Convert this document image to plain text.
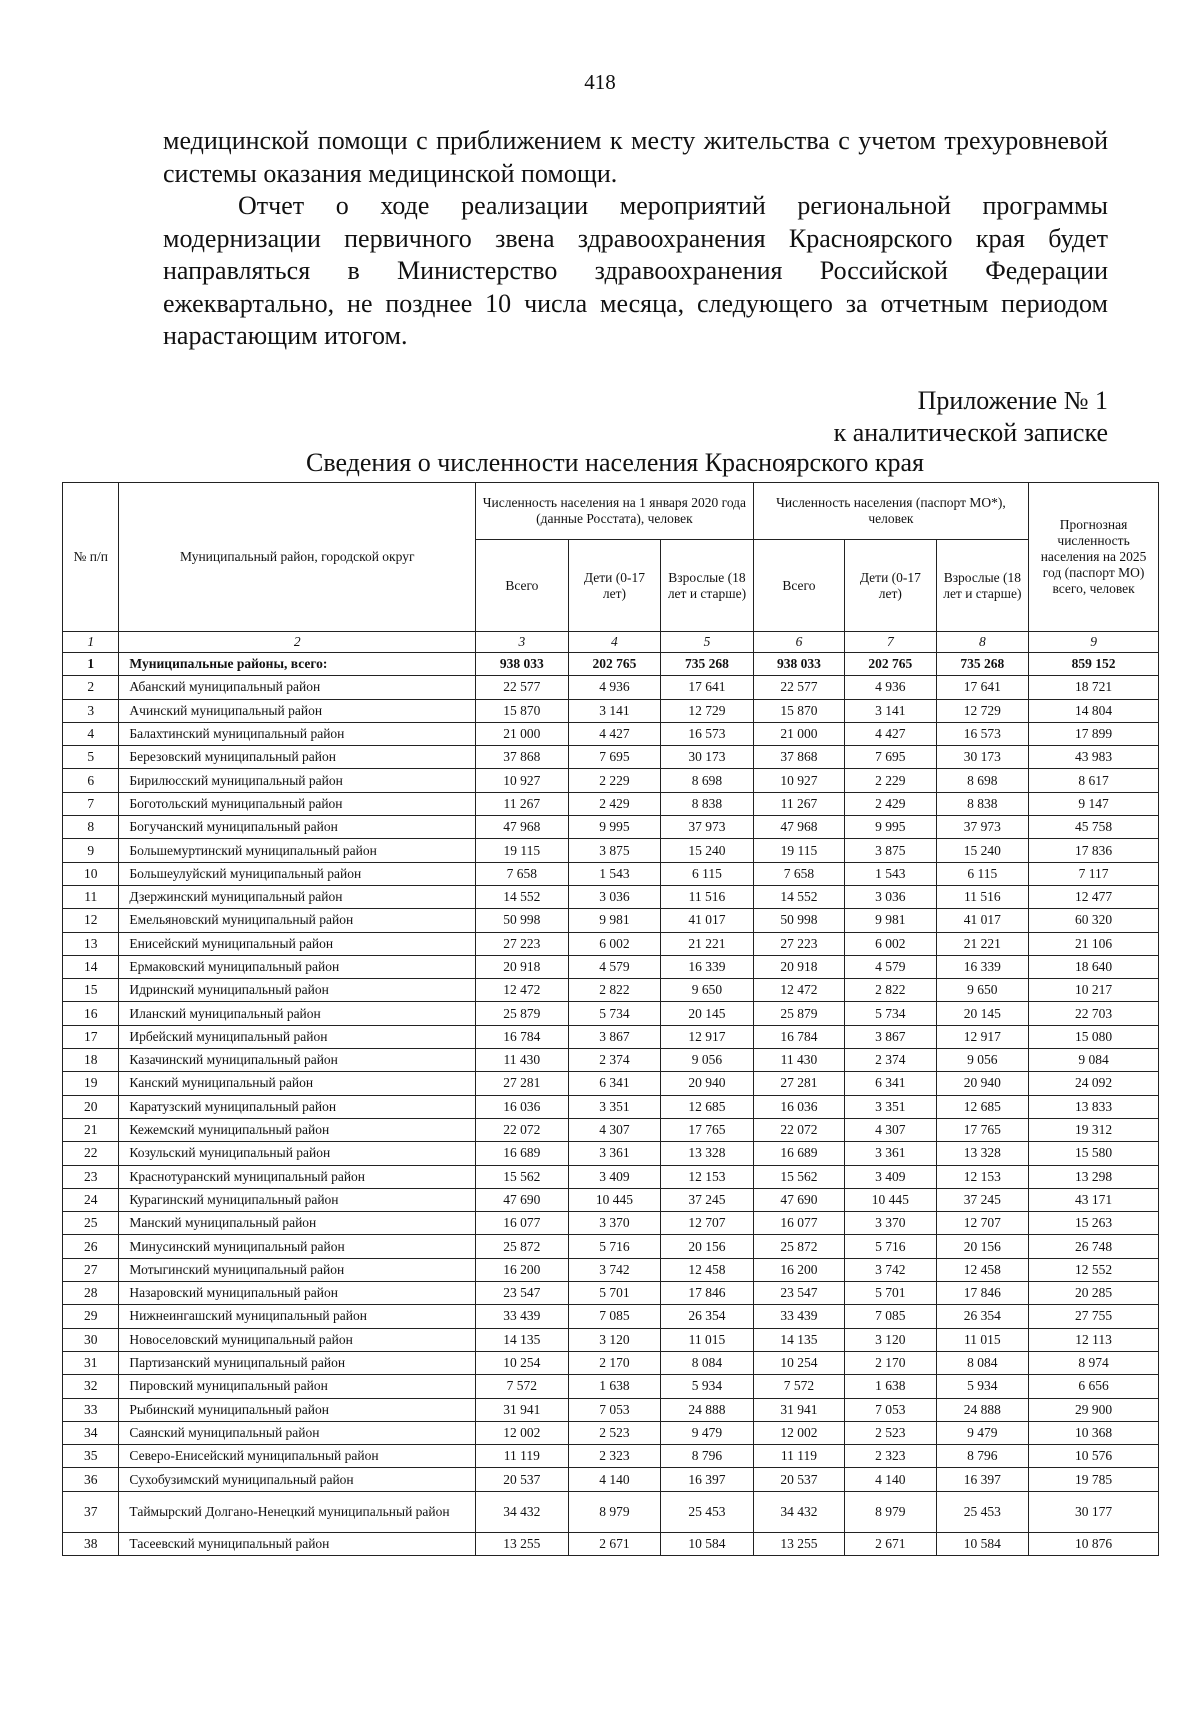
418

медицинской помощи с приближением к месту жительства с учетом трехуровневой системы оказания медицинской помощи.

Отчет о ходе реализации мероприятий региональной программы модернизации первичного звена здравоохранения Красноярского края будет направляться в Министерство здравоохранения Российской Федерации ежеквартально, не позднее 10 числа месяца, следующего за отчетным периодом нарастающим итогом.

Приложение № 1
к аналитической записке
Сведения о численности населения Красноярского края
№ п/п	Муниципальный район, городской округ	Численность населения на 1 января 2020 года (данные Росстата), человек			Численность населения (паспорт МО*), человек			Прогнозная численность населения на 2025 год (паспорт МО) всего, человек
		Всего	Дети (0-17 лет)	Взрослые (18 лет и старше)	Всего	Дети (0-17 лет)	Взрослые (18 лет и старше)	
1	2	3	4	5	6	7	8	9
1	Муниципальные районы, всего:	938 033	202 765	735 268	938 033	202 765	735 268	859 152
2	Абанский муниципальный район	22 577	4 936	17 641	22 577	4 936	17 641	18 721
3	Ачинский муниципальный район	15 870	3 141	12 729	15 870	3 141	12 729	14 804
4	Балахтинский муниципальный район	21 000	4 427	16 573	21 000	4 427	16 573	17 899
5	Березовский муниципальный район	37 868	7 695	30 173	37 868	7 695	30 173	43 983
6	Бирилюсский муниципальный район	10 927	2 229	8 698	10 927	2 229	8 698	8 617
7	Боготольский муниципальный район	11 267	2 429	8 838	11 267	2 429	8 838	9 147
8	Богучанский муниципальный район	47 968	9 995	37 973	47 968	9 995	37 973	45 758
9	Большемуртинский муниципальный район	19 115	3 875	15 240	19 115	3 875	15 240	17 836
10	Большеулуйский муниципальный район	7 658	1 543	6 115	7 658	1 543	6 115	7 117
11	Дзержинский муниципальный район	14 552	3 036	11 516	14 552	3 036	11 516	12 477
12	Емельяновский муниципальный район	50 998	9 981	41 017	50 998	9 981	41 017	60 320
13	Енисейский муниципальный район	27 223	6 002	21 221	27 223	6 002	21 221	21 106
14	Ермаковский муниципальный район	20 918	4 579	16 339	20 918	4 579	16 339	18 640
15	Идринский муниципальный район	12 472	2 822	9 650	12 472	2 822	9 650	10 217
16	Иланский муниципальный район	25 879	5 734	20 145	25 879	5 734	20 145	22 703
17	Ирбейский муниципальный район	16 784	3 867	12 917	16 784	3 867	12 917	15 080
18	Казачинский муниципальный район	11 430	2 374	9 056	11 430	2 374	9 056	9 084
19	Канский муниципальный район	27 281	6 341	20 940	27 281	6 341	20 940	24 092
20	Каратузский муниципальный район	16 036	3 351	12 685	16 036	3 351	12 685	13 833
21	Кежемский муниципальный район	22 072	4 307	17 765	22 072	4 307	17 765	19 312
22	Козульский муниципальный район	16 689	3 361	13 328	16 689	3 361	13 328	15 580
23	Краснотуранский муниципальный район	15 562	3 409	12 153	15 562	3 409	12 153	13 298
24	Курагинский муниципальный район	47 690	10 445	37 245	47 690	10 445	37 245	43 171
25	Манский муниципальный район	16 077	3 370	12 707	16 077	3 370	12 707	15 263
26	Минусинский муниципальный район	25 872	5 716	20 156	25 872	5 716	20 156	26 748
27	Мотыгинский муниципальный район	16 200	3 742	12 458	16 200	3 742	12 458	12 552
28	Назаровский муниципальный район	23 547	5 701	17 846	23 547	5 701	17 846	20 285
29	Нижнеингашский муниципальный район	33 439	7 085	26 354	33 439	7 085	26 354	27 755
30	Новоселовский муниципальный район	14 135	3 120	11 015	14 135	3 120	11 015	12 113
31	Партизанский муниципальный район	10 254	2 170	8 084	10 254	2 170	8 084	8 974
32	Пировский муниципальный район	7 572	1 638	5 934	7 572	1 638	5 934	6 656
33	Рыбинский муниципальный район	31 941	7 053	24 888	31 941	7 053	24 888	29 900
34	Саянский муниципальный район	12 002	2 523	9 479	12 002	2 523	9 479	10 368
35	Северо-Енисейский муниципальный район	11 119	2 323	8 796	11 119	2 323	8 796	10 576
36	Сухобузимский муниципальный район	20 537	4 140	16 397	20 537	4 140	16 397	19 785
37	Таймырский Долгано-Ненецкий муниципальный район	34 432	8 979	25 453	34 432	8 979	25 453	30 177
38	Тасеевский муниципальный район	13 255	2 671	10 584	13 255	2 671	10 584	10 876
